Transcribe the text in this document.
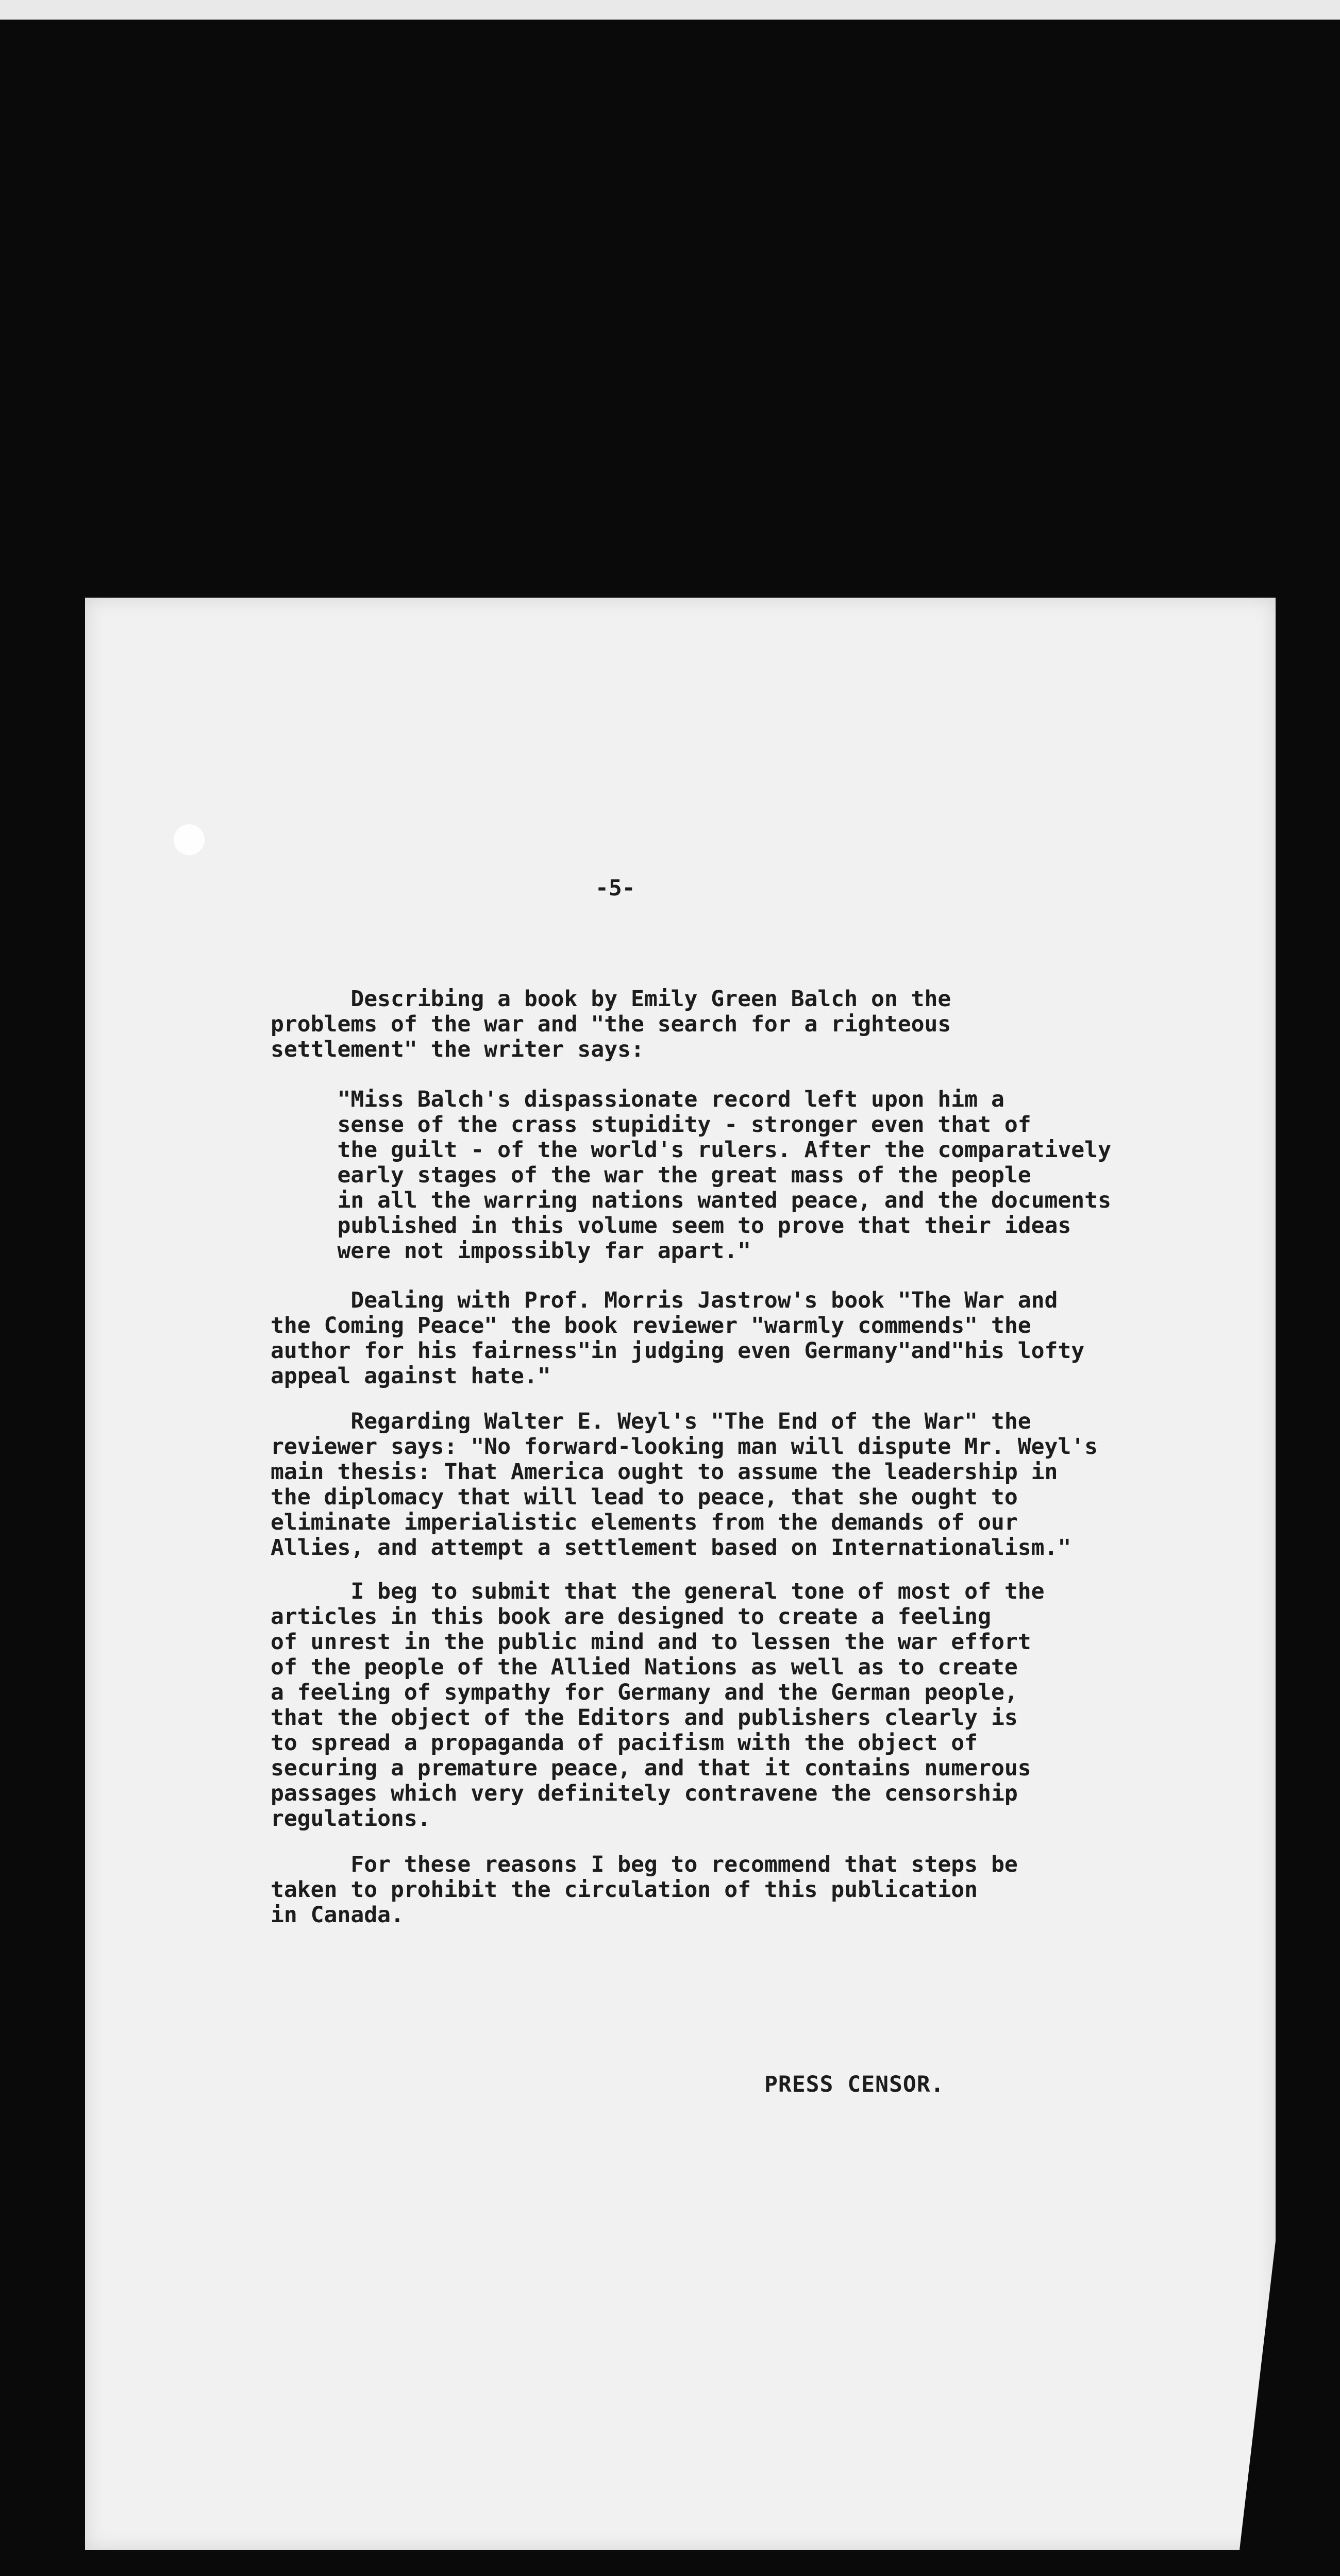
-5-

Describing a book by Emily Green Balch on the
problems of the war and "the search for a righteous
settlement" the writer says:

"Miss Balch's dispassionate record left upon him a
sense of the crass stupidity - stronger even that of
the guilt - of the world's rulers. After the comparatively
early stages of the war the great mass of the people
in all the warring nations wanted peace, and the documents
published in this volume seem to prove that their ideas
were not impossibly far apart."

Dealing with Prof. Morris Jastrow's book "The War and
the Coming Peace" the book reviewer "warmly commends" the
author for his fairness"in judging even Germany"and"his lofty
appeal against hate."

Regarding Walter E. Weyl's "The End of the War" the
reviewer says: "No forward-looking man will dispute Mr. Weyl's
main thesis: That America ought to assume the leadership in
the diplomacy that will lead to peace, that she ought to
eliminate imperialistic elements from the demands of our
Allies, and attempt a settlement based on Internationalism."

I beg to submit that the general tone of most of the
articles in this book are designed to create a feeling
of unrest in the public mind and to lessen the war effort
of the people of the Allied Nations as well as to create
a feeling of sympathy for Germany and the German people,
that the object of the Editors and publishers clearly is
to spread a propaganda of pacifism with the object of
securing a premature peace, and that it contains numerous
passages which very definitely contravene the censorship
regulations.

For these reasons I beg to recommend that steps be
taken to prohibit the circulation of this publication
in Canada.

PRESS CENSOR.
